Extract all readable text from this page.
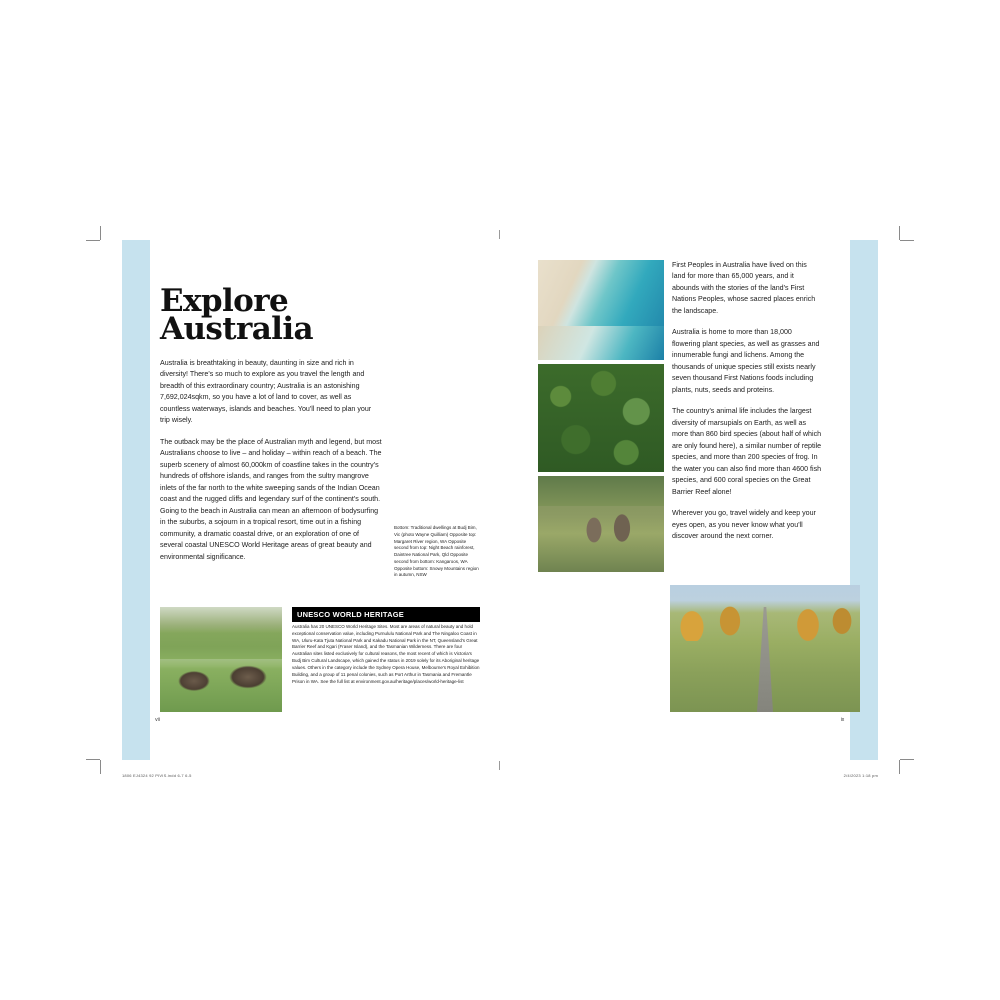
Explore
Australia

Australia is breathtaking in beauty, daunting in size and rich in diversity! There's so much to explore as you travel the length and breadth of this extraordinary country; Australia is an astonishing 7,692,024sqkm, so you have a lot of land to cover, as well as countless waterways, islands and beaches. You'll need to plan your trip wisely.

The outback may be the place of Australian myth and legend, but most Australians choose to live – and holiday – within reach of a beach. The superb scenery of almost 60,000km of coastline takes in the country's hundreds of offshore islands, and ranges from the sultry mangrove inlets of the far north to the white sweeping sands of the Indian Ocean coast and the rugged cliffs and legendary surf of the continent's south. Going to the beach in Australia can mean an afternoon of bodysurfing in the suburbs, a sojourn in a tropical resort, time out in a fishing community, a dramatic coastal drive, or an exploration of one of several coastal UNESCO World Heritage areas of great beauty and environmental significance.

Bottom: Traditional dwellings at Budj Bim, Vic (photo Wayne Quilliam) Opposite top: Margaret River region, WA Opposite second from top: Night Beach rainforest, Daintree National Park, Qld Opposite second from bottom: Kangaroos, WA Opposite bottom: Snowy Mountains region in autumn, NSW
UNESCO WORLD HERITAGE
Australia has 20 UNESCO World Heritage Sites. Most are areas of natural beauty and hold exceptional conservation value, including Purnululu National Park and The Ningaloo Coast in WA, Uluru-Kata Tjuta National Park and Kakadu National Park in the NT, Queensland's Great Barrier Reef and Kgari (Fraser Island), and the Tasmanian Wilderness. There are four Australian sites listed exclusively for cultural reasons, the most recent of which is Victoria's Budj Bim Cultural Landscape, which gained the status in 2019 solely for its Aboriginal heritage values. Others in the category include the Sydney Opera House, Melbourne's Royal Exhibition Building, and a group of 11 penal colonies, such as Port Arthur in Tasmania and Fremantle Prison in WA. See the full list at environment.gov.au/heritage/places/world-heritage-list
vii

First Peoples in Australia have lived on this land for more than 65,000 years, and it abounds with the stories of the land's First Nations Peoples, whose sacred places enrich the landscape.

Australia is home to more than 18,000 flowering plant species, as well as grasses and innumerable fungi and lichens. Among the thousands of unique species still exists nearly seven thousand First Nations foods including plants, nuts, seeds and proteins.

The country's animal life includes the largest diversity of marsupials on Earth, as well as more than 860 bird species (about half of which are only found here), a similar number of reptile species, and more than 200 species of frog. In the water you can also find more than 4600 fish species, and 600 coral species on the Great Barrier Reef alone!

Wherever you go, travel widely and keep your eyes open, as you never know what you'll discover around the next corner.

ix
1806 EJ4324 92 PIVIS.indd 6-7 6-5	2/4/2023 1:18 pm
